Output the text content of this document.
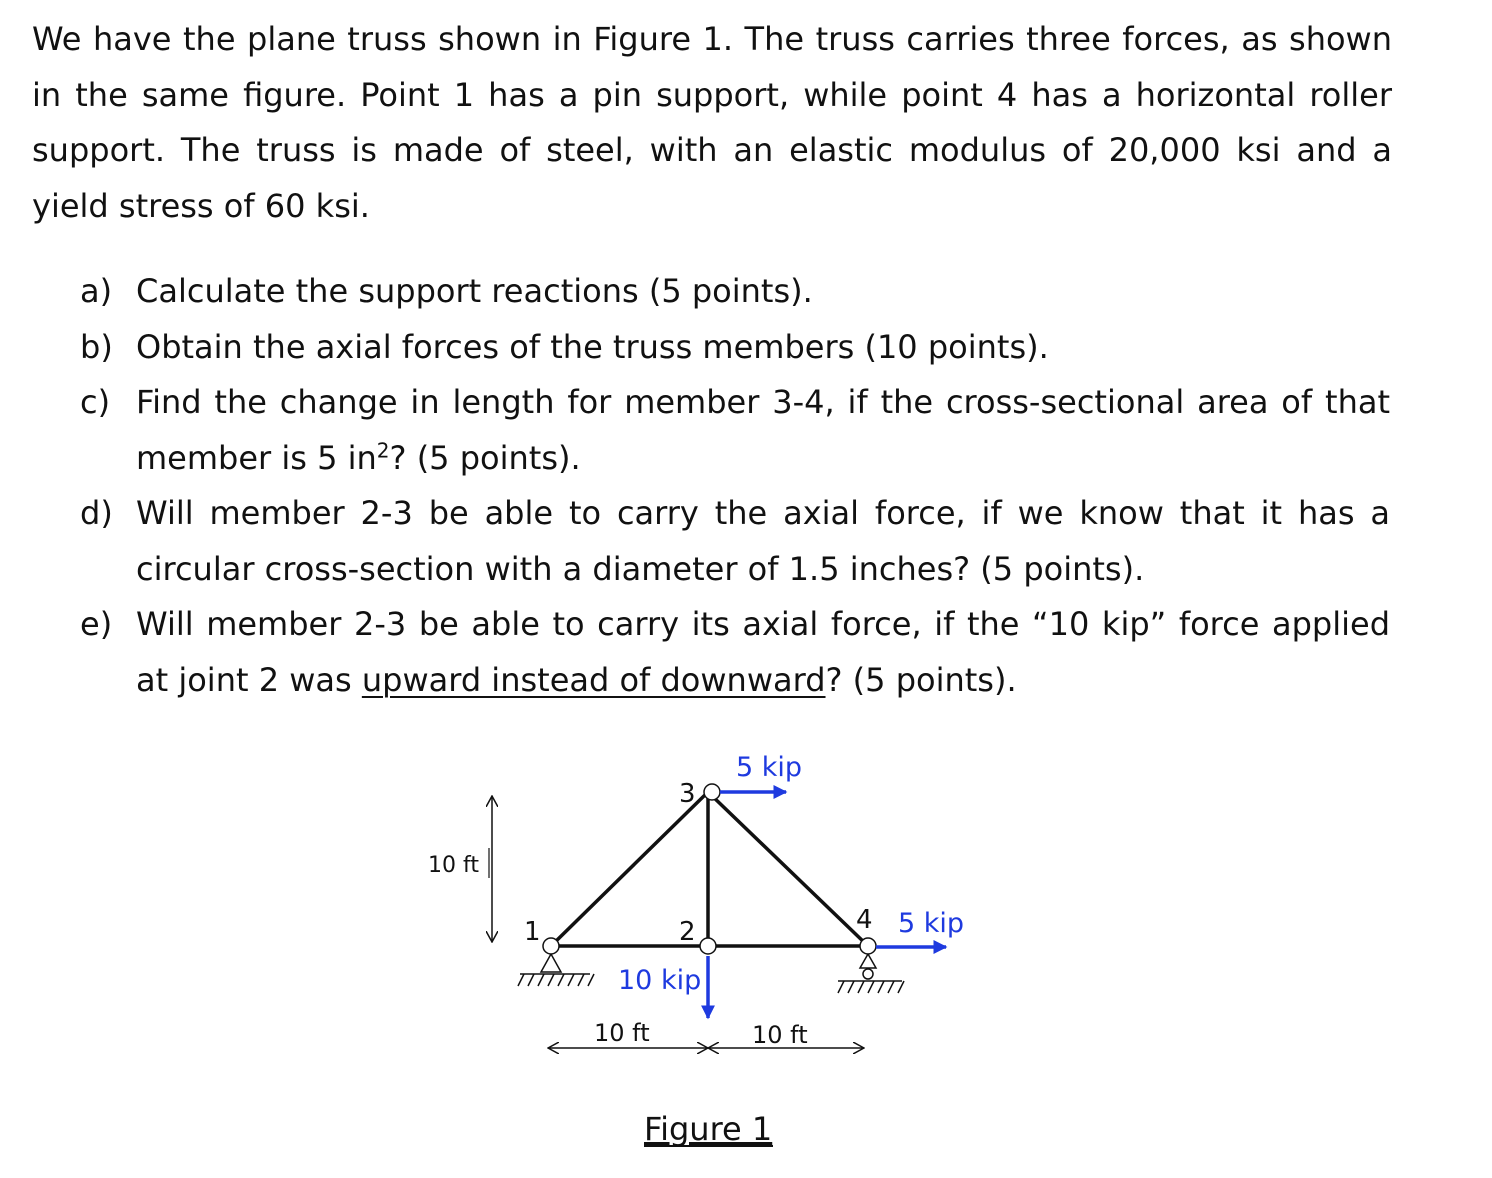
We have the plane truss shown in Figure 1. The truss carries three forces, as shown in the same figure. Point 1 has a pin support, while point 4 has a horizontal roller support. The truss is made of steel, with an elastic modulus of 20,000 ksi and a yield stress of 60 ksi.

a) Calculate the support reactions (5 points).
b) Obtain the axial forces of the truss members (10 points).
c) Find the change in length for member 3-4, if the cross-sectional area of that member is 5 $in^2$? (5 points).
d) Will member 2-3 be able to carry the axial force, if we know that it has a circular cross-section with a diameter of 1.5 inches? (5 points).
e) Will member 2-3 be able to carry its axial force, if the “10 kip” force applied at joint 2 was upward instead of downward? (5 points).
1	2
3
4
5 kip
5 kip
10 kip
10 ft
10 ft	10 ft
Figure 1
